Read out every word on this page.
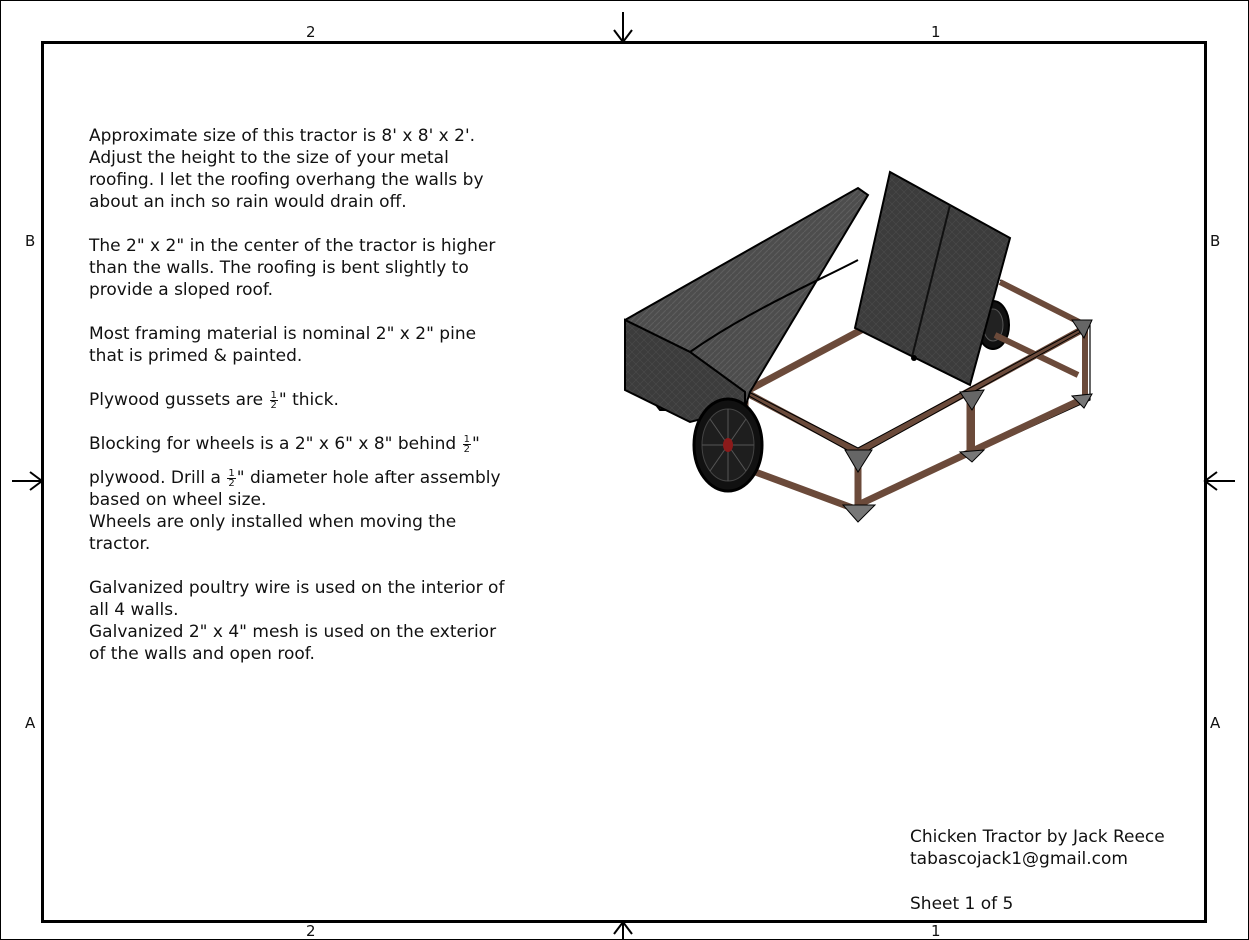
2	1
2	1
B
A
B
A

Approximate size of this tractor is 8' x 8' x 2'. Adjust the height to the size of your metal roofing. I let the roofing overhang the walls by about an inch so rain would drain off.

The 2" x 2" in the center of the tractor is higher than the walls. The roofing is bent slightly to provide a sloped roof.

Most framing material is nominal 2" x 2" pine that is primed & painted.

Plywood gussets are $\frac{1}{2}$ " thick.

Blocking for wheels is a 2" x 6" x 8" behind $\frac{1}{2}$ "

plywood. Drill a $\frac{1}{2}$ " diameter hole after assembly based on wheel size.

Wheels are only installed when moving the tractor.

Galvanized poultry wire is used on the interior of all 4 walls.

Galvanized 2" x 4" mesh is used on the exterior of the walls and open roof.

Chicken Tractor by Jack Reece
tabascojack1@gmail.com
Sheet 1 of 5
